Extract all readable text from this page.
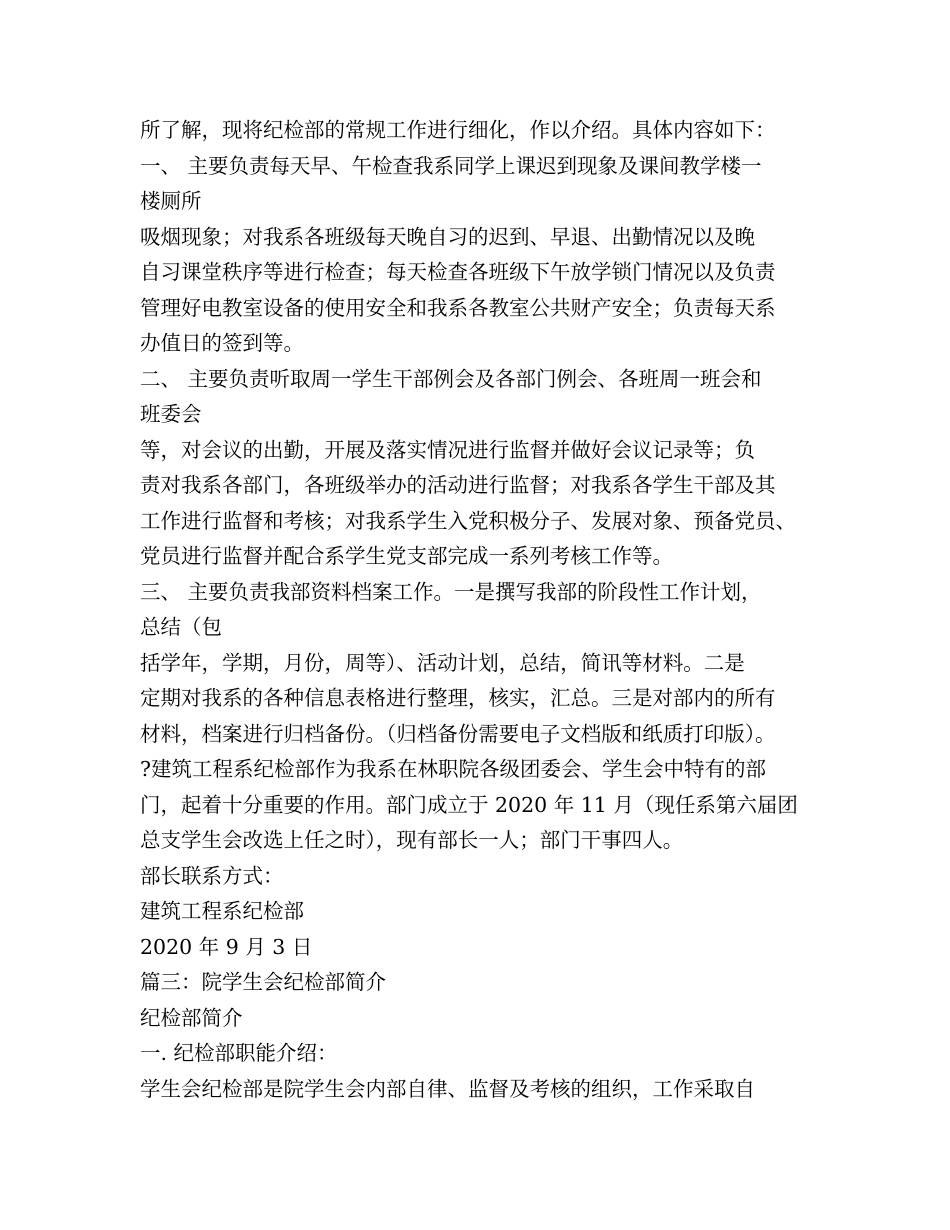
所了解，现将纪检部的常规工作进行细化，作以介绍。具体内容如下：
一、 主要负责每天早、午检查我系同学上课迟到现象及课间教学楼一
楼厕所
吸烟现象；对我系各班级每天晚自习的迟到、早退、出勤情况以及晚
自习课堂秩序等进行检查；每天检查各班级下午放学锁门情况以及负责
管理好电教室设备的使用安全和我系各教室公共财产安全；负责每天系
办值日的签到等。
二、 主要负责听取周一学生干部例会及各部门例会、各班周一班会和
班委会
等，对会议的出勤，开展及落实情况进行监督并做好会议记录等；负
责对我系各部门，各班级举办的活动进行监督；对我系各学生干部及其
工作进行监督和考核；对我系学生入党积极分子、发展对象、预备党员、
党员进行监督并配合系学生党支部完成一系列考核工作等。
三、 主要负责我部资料档案工作。一是撰写我部的阶段性工作计划，
总结（包
括学年，学期，月份，周等）、活动计划，总结，简讯等材料。二是
定期对我系的各种信息表格进行整理，核实，汇总。三是对部内的所有
材料，档案进行归档备份。（归档备份需要电子文档版和纸质打印版）。
?建筑工程系纪检部作为我系在林职院各级团委会、学生会中特有的部
门，起着十分重要的作用。部门成立于 2020 年 11 月（现任系第六届团
总支学生会改选上任之时），现有部长一人；部门干事四人。
部长联系方式：
建筑工程系纪检部
2020 年 9 月 3 日
篇三：院学生会纪检部简介
纪检部简介
一. 纪检部职能介绍：
学生会纪检部是院学生会内部自律、监督及考核的组织，工作采取自
